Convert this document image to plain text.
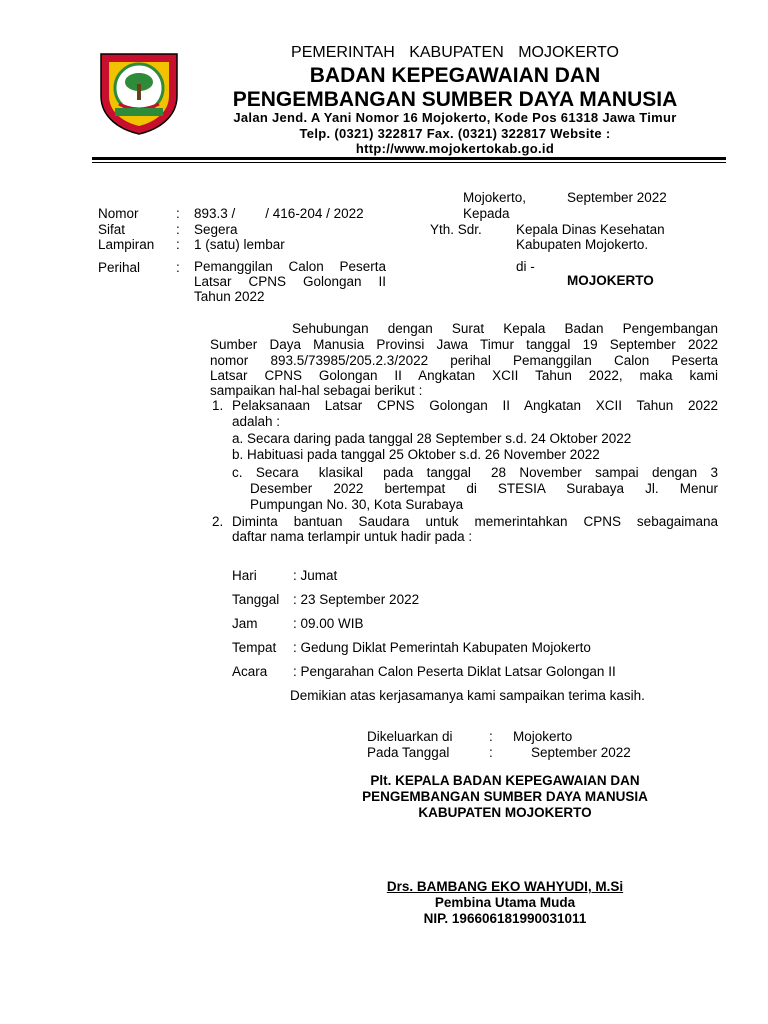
PEMERINTAH KABUPATEN MOJOKERTO
BADAN KEPEGAWAIAN DAN
PENGEMBANGAN SUMBER DAYA MANUSIA
Jalan Jend. A Yani Nomor 16 Mojokerto, Kode Pos 61318 Jawa Timur
Telp. (0321) 322817 Fax. (0321) 322817 Website :
http://www.mojokertokab.go.id
Mojokerto,	September 2022
Kepada
Yth. Sdr.	Kepala Dinas Kesehatan
Kabupaten Mojokerto.
di -
MOJOKERTO
Nomor	: 893.3 /        / 416-204 / 2022
Sifat	: Segera
Lampiran : 1 (satu) lembar
Perihal	: Pemanggilan Calon Peserta
Latsar CPNS Golongan II
Tahun 2022
Sehubungan dengan Surat Kepala Badan Pengembangan
Sumber Daya Manusia Provinsi Jawa Timur tanggal 19 September 2022
nomor 893.5/73985/205.2.3/2022 perihal Pemanggilan Calon Peserta
Latsar CPNS Golongan II Angkatan XCII Tahun 2022, maka kami
sampaikan hal-hal sebagai berikut :
1. Pelaksanaan Latsar CPNS Golongan II Angkatan XCII Tahun 2022
adalah :
a. Secara daring pada tanggal 28 September s.d. 24 Oktober 2022
b. Habituasi pada tanggal 25 Oktober s.d. 26 November 2022
c.  Secara   klasikal   pada  tanggal   28  November  sampai  dengan  3
Desember  2022  bertempat  di  STESIA  Surabaya  Jl.  Menur
Pumpungan No. 30, Kota Surabaya
2. Diminta bantuan Saudara untuk memerintahkan CPNS sebagaimana
daftar nama terlampir untuk hadir pada :
Hari	: Jumat
Tanggal : 23 September 2022
Jam	: 09.00 WIB
Tempat : Gedung Diklat Pemerintah Kabupaten Mojokerto
Acara : Pengarahan Calon Peserta Diklat Latsar Golongan II
Demikian atas kerjasamanya kami sampaikan terima kasih.
Dikeluarkan di	: Mojokerto
Pada Tanggal	:	September 2022
Plt. KEPALA BADAN KEPEGAWAIAN DAN
PENGEMBANGAN SUMBER DAYA MANUSIA
KABUPATEN MOJOKERTO
Drs. BAMBANG EKO WAHYUDI, M.Si
Pembina Utama Muda
NIP. 196606181990031011
